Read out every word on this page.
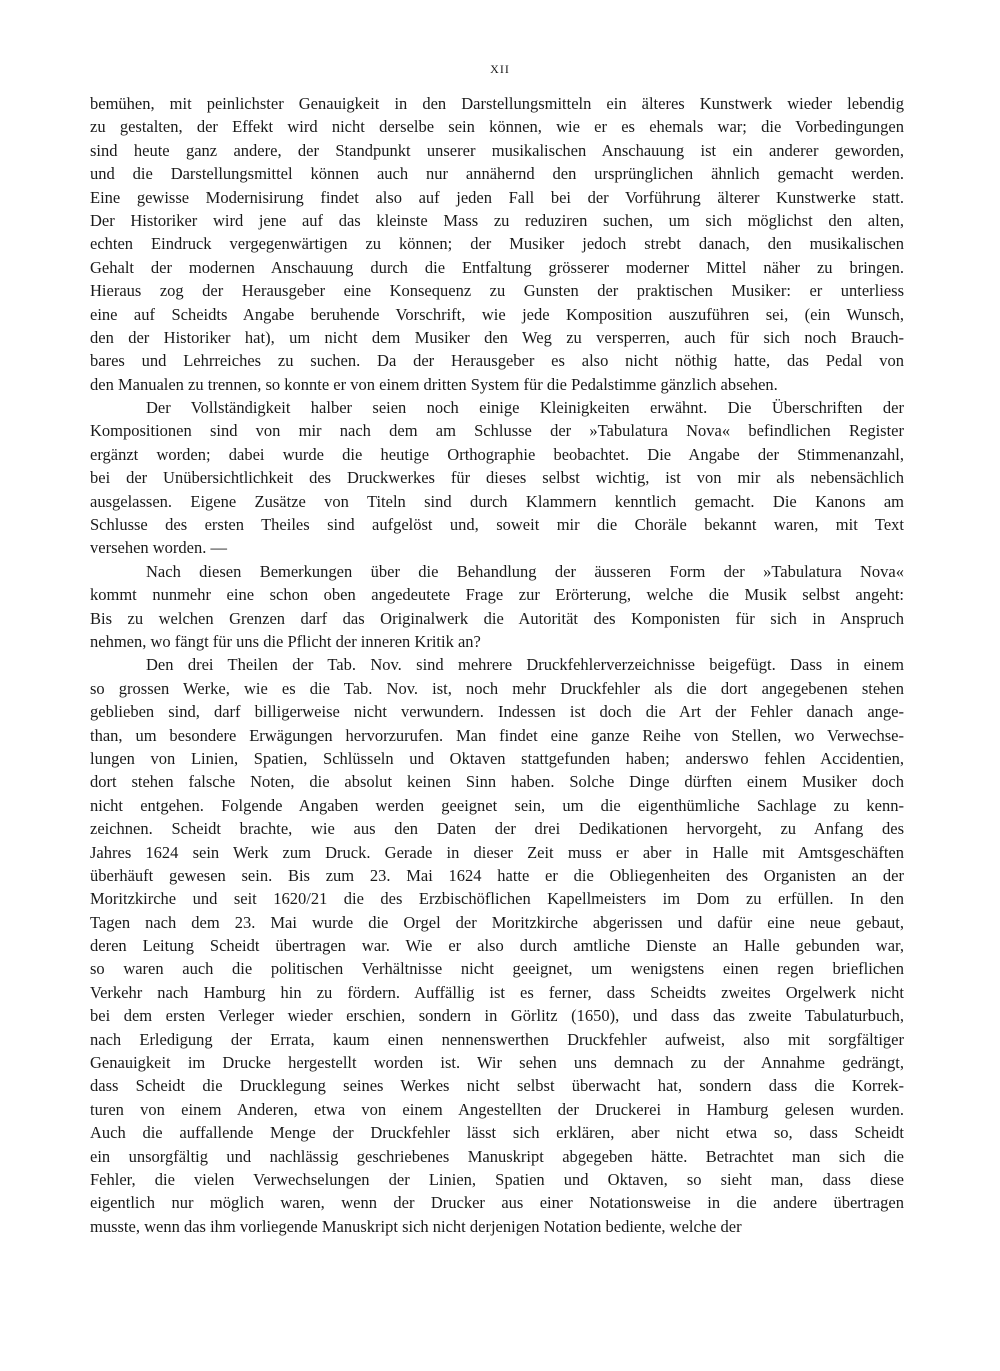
XII
bemühen, mit peinlichster Genauigkeit in den Darstellungsmitteln ein älteres Kunstwerk wieder lebendig
zu gestalten, der Effekt wird nicht derselbe sein können, wie er es ehemals war; die Vorbedingungen
sind heute ganz andere, der Standpunkt unserer musikalischen Anschauung ist ein anderer geworden,
und die Darstellungsmittel können auch nur annähernd den ursprünglichen ähnlich gemacht werden.
Eine gewisse Modernisirung findet also auf jeden Fall bei der Vorführung älterer Kunstwerke statt.
Der Historiker wird jene auf das kleinste Mass zu reduziren suchen, um sich möglichst den alten,
echten Eindruck vergegenwärtigen zu können; der Musiker jedoch strebt danach, den musikalischen
Gehalt der modernen Anschauung durch die Entfaltung grösserer moderner Mittel näher zu bringen.
Hieraus zog der Herausgeber eine Konsequenz zu Gunsten der praktischen Musiker: er unterliess
eine auf Scheidts Angabe beruhende Vorschrift, wie jede Komposition auszuführen sei, (ein Wunsch,
den der Historiker hat), um nicht dem Musiker den Weg zu versperren, auch für sich noch Brauch-
bares und Lehrreiches zu suchen. Da der Herausgeber es also nicht nöthig hatte, das Pedal von
den Manualen zu trennen, so konnte er von einem dritten System für die Pedalstimme gänzlich absehen.
Der Vollständigkeit halber seien noch einige Kleinigkeiten erwähnt. Die Überschriften der
Kompositionen sind von mir nach dem am Schlusse der »Tabulatura Nova« befindlichen Register
ergänzt worden; dabei wurde die heutige Orthographie beobachtet. Die Angabe der Stimmenanzahl,
bei der Unübersichtlichkeit des Druckwerkes für dieses selbst wichtig, ist von mir als nebensächlich
ausgelassen. Eigene Zusätze von Titeln sind durch Klammern kenntlich gemacht. Die Kanons am
Schlusse des ersten Theiles sind aufgelöst und, soweit mir die Choräle bekannt waren, mit Text
versehen worden. —
Nach diesen Bemerkungen über die Behandlung der äusseren Form der »Tabulatura Nova«
kommt nunmehr eine schon oben angedeutete Frage zur Erörterung, welche die Musik selbst angeht:
Bis zu welchen Grenzen darf das Originalwerk die Autorität des Komponisten für sich in Anspruch
nehmen, wo fängt für uns die Pflicht der inneren Kritik an?
Den drei Theilen der Tab. Nov. sind mehrere Druckfehlerverzeichnisse beigefügt. Dass in einem
so grossen Werke, wie es die Tab. Nov. ist, noch mehr Druckfehler als die dort angegebenen stehen
geblieben sind, darf billigerweise nicht verwundern. Indessen ist doch die Art der Fehler danach ange-
than, um besondere Erwägungen hervorzurufen. Man findet eine ganze Reihe von Stellen, wo Verwechse-
lungen von Linien, Spatien, Schlüsseln und Oktaven stattgefunden haben; anderswo fehlen Accidentien,
dort stehen falsche Noten, die absolut keinen Sinn haben. Solche Dinge dürften einem Musiker doch
nicht entgehen. Folgende Angaben werden geeignet sein, um die eigenthümliche Sachlage zu kenn-
zeichnen. Scheidt brachte, wie aus den Daten der drei Dedikationen hervorgeht, zu Anfang des
Jahres 1624 sein Werk zum Druck. Gerade in dieser Zeit muss er aber in Halle mit Amtsgeschäften
überhäuft gewesen sein. Bis zum 23. Mai 1624 hatte er die Obliegenheiten des Organisten an der
Moritzkirche und seit 1620/21 die des Erzbischöflichen Kapellmeisters im Dom zu erfüllen. In den
Tagen nach dem 23. Mai wurde die Orgel der Moritzkirche abgerissen und dafür eine neue gebaut,
deren Leitung Scheidt übertragen war. Wie er also durch amtliche Dienste an Halle gebunden war,
so waren auch die politischen Verhältnisse nicht geeignet, um wenigstens einen regen brieflichen
Verkehr nach Hamburg hin zu fördern. Auffällig ist es ferner, dass Scheidts zweites Orgelwerk nicht
bei dem ersten Verleger wieder erschien, sondern in Görlitz (1650), und dass das zweite Tabulaturbuch,
nach Erledigung der Errata, kaum einen nennenswerthen Druckfehler aufweist, also mit sorgfältiger
Genauigkeit im Drucke hergestellt worden ist. Wir sehen uns demnach zu der Annahme gedrängt,
dass Scheidt die Drucklegung seines Werkes nicht selbst überwacht hat, sondern dass die Korrek-
turen von einem Anderen, etwa von einem Angestellten der Druckerei in Hamburg gelesen wurden.
Auch die auffallende Menge der Druckfehler lässt sich erklären, aber nicht etwa so, dass Scheidt
ein unsorgfältig und nachlässig geschriebenes Manuskript abgegeben hätte. Betrachtet man sich die
Fehler, die vielen Verwechselungen der Linien, Spatien und Oktaven, so sieht man, dass diese
eigentlich nur möglich waren, wenn der Drucker aus einer Notationsweise in die andere übertragen
musste, wenn das ihm vorliegende Manuskript sich nicht derjenigen Notation bediente, welche der
